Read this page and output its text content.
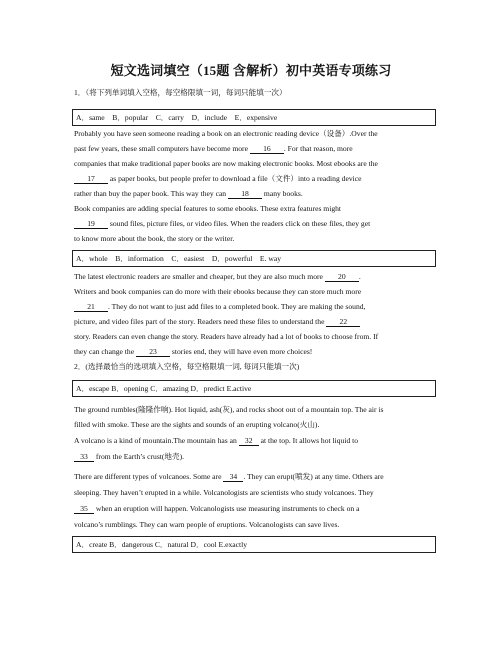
短文选词填空（15题 含解析）初中英语专项练习
1．（将下列单词填入空格，每空格限填一词，每词只能填一次）
A．same　B．popular　C．carry　D．include　E．expensive
Probably you have seen someone reading a book on an electronic reading device（设备）.Over the
past few years, these small computers have become more 16 . For that reason, more
companies that make traditional paper books are now making electronic books. Most ebooks are the
17 as paper books, but people prefer to download a file（文件）into a reading device
rather than buy the paper book. This way they can 18 many books.
Book companies are adding special features to some ebooks. These extra features might
19 sound files, picture files, or video files. When the readers click on these files, they get
to know more about the book, the story or the writer.
A．whole　B．information　C．easiest　D．powerful　E. way
The latest electronic readers are smaller and cheaper, but they are also much more 20 .
Writers and book companies can do more with their ebooks because they can store much more
21 . They do not want to just add files to a completed book. They are making the sound,
picture, and video files part of the story. Readers need these files to understand the 22
story. Readers can even change the story. Readers have already had a lot of books to choose from. If
they can change the 23 stories end, they will have even more choices!
2．(选择最恰当的选项填入空格，每空格限填一词, 每词只能填一次)
A．escape B．opening C．amazing D．predict E.active
The ground rumbles(隆隆作响). Hot liquid, ash(灰), and rocks shoot out of a mountain top. The air is
filled with smoke. These are the sights and sounds of an erupting volcano(火山).
A volcano is a kind of mountain.The mountain has an 32 at the top. It allows hot liquid to
33 from the Earth’s crust(地壳).
There are different types of volcanoes. Some are 34 . They can erupt(喷发) at any time. Others are
sleeping. They haven’t erupted in a while. Volcanologists are scientists who study volcanoes. They
35 when an eruption will happen. Volcanologists use measuring instruments to check on a
volcano’s rumblings. They can warn people of eruptions. Volcanologists can save lives.
A．create B．dangerous C．natural D．cool E.exactly
